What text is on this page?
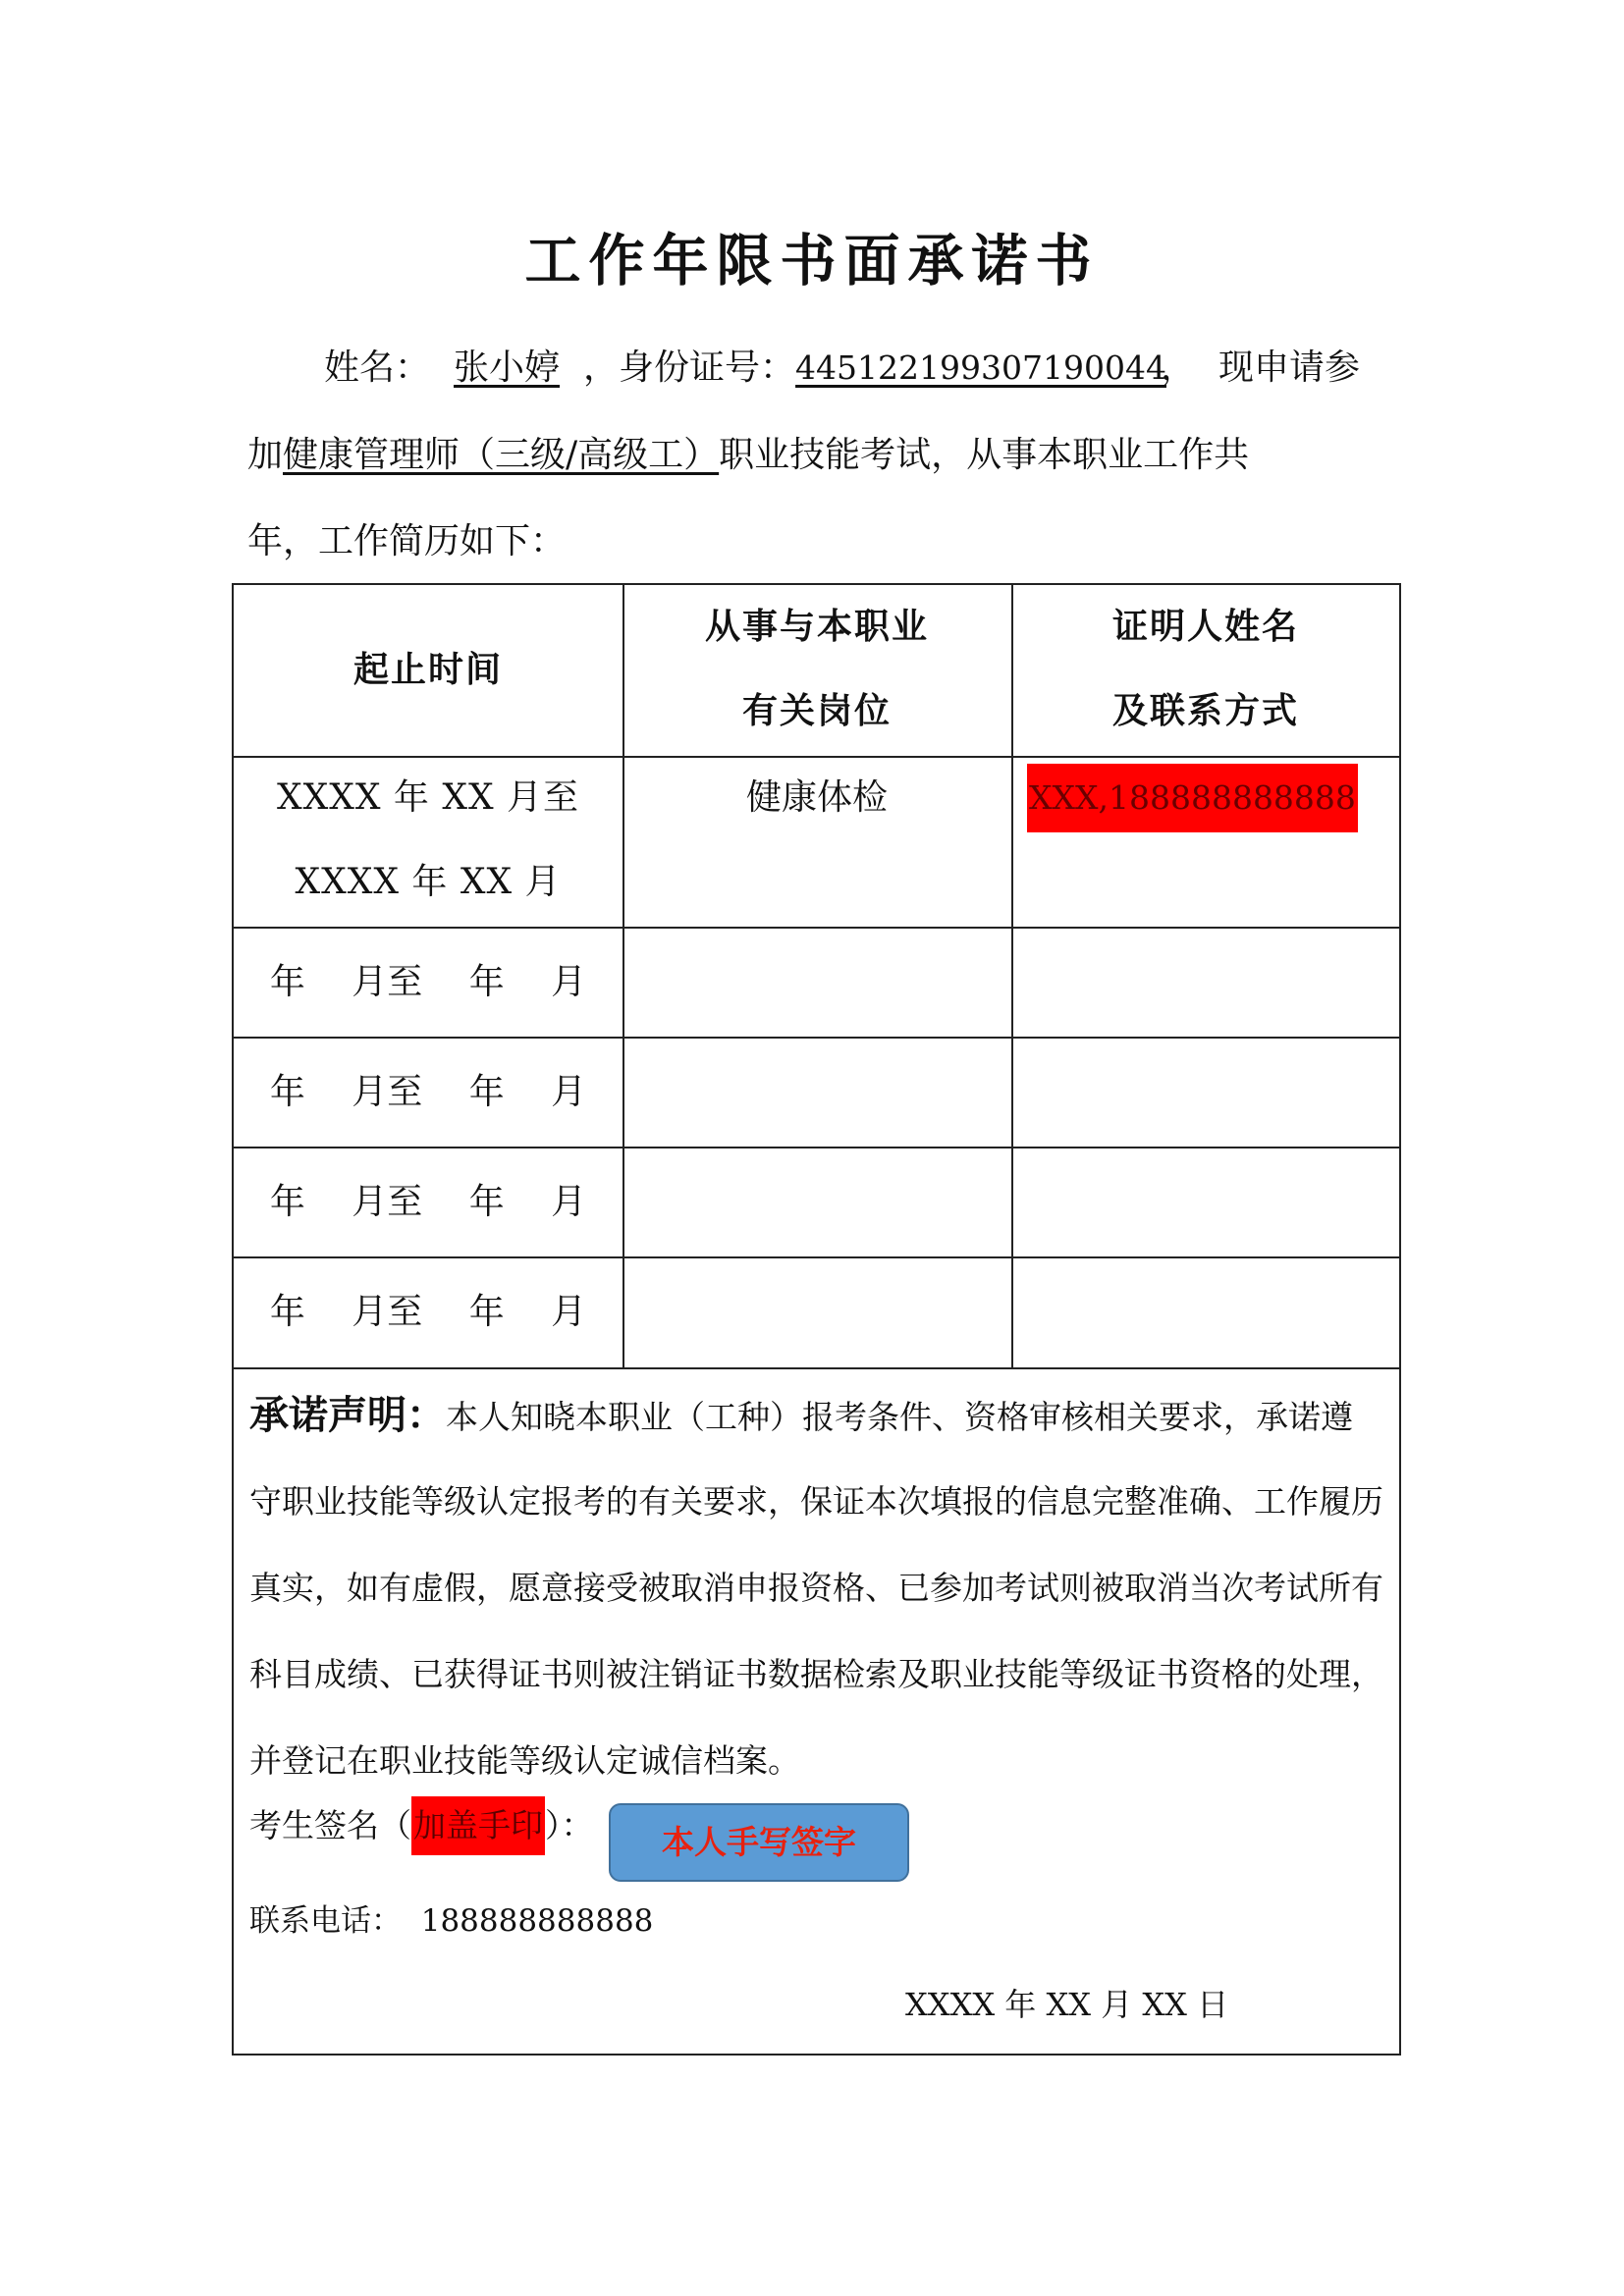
工作年限书面承诺书
姓名： 张小婷 ，身份证号：445122199307190044， 现申请参
加健康管理师（三级/高级工）职业技能考试，从事本职业工作共
年，工作简历如下：
起止时间
从事与本职业
有关岗位
证明人姓名
及联系方式
XXXX 年 XX 月至
XXXX 年 XX 月
健康体检	XXX,188888888888
年　 月至　 年　 月
年　 月至　 年　 月
年　 月至　 年　 月
年　 月至　 年　 月
承诺声明：本人知晓本职业（工种）报考条件、资格审核相关要求，承诺遵
守职业技能等级认定报考的有关要求，保证本次填报的信息完整准确、工作履历
真实，如有虚假，愿意接受被取消申报资格、已参加考试则被取消当次考试所有
科目成绩、已获得证书则被注销证书数据检索及职业技能等级证书资格的处理，
并登记在职业技能等级认定诚信档案。
考生签名（加盖手印）：	本人手写签字
联系电话： 188888888888
XXXX 年 XX 月 XX 日
